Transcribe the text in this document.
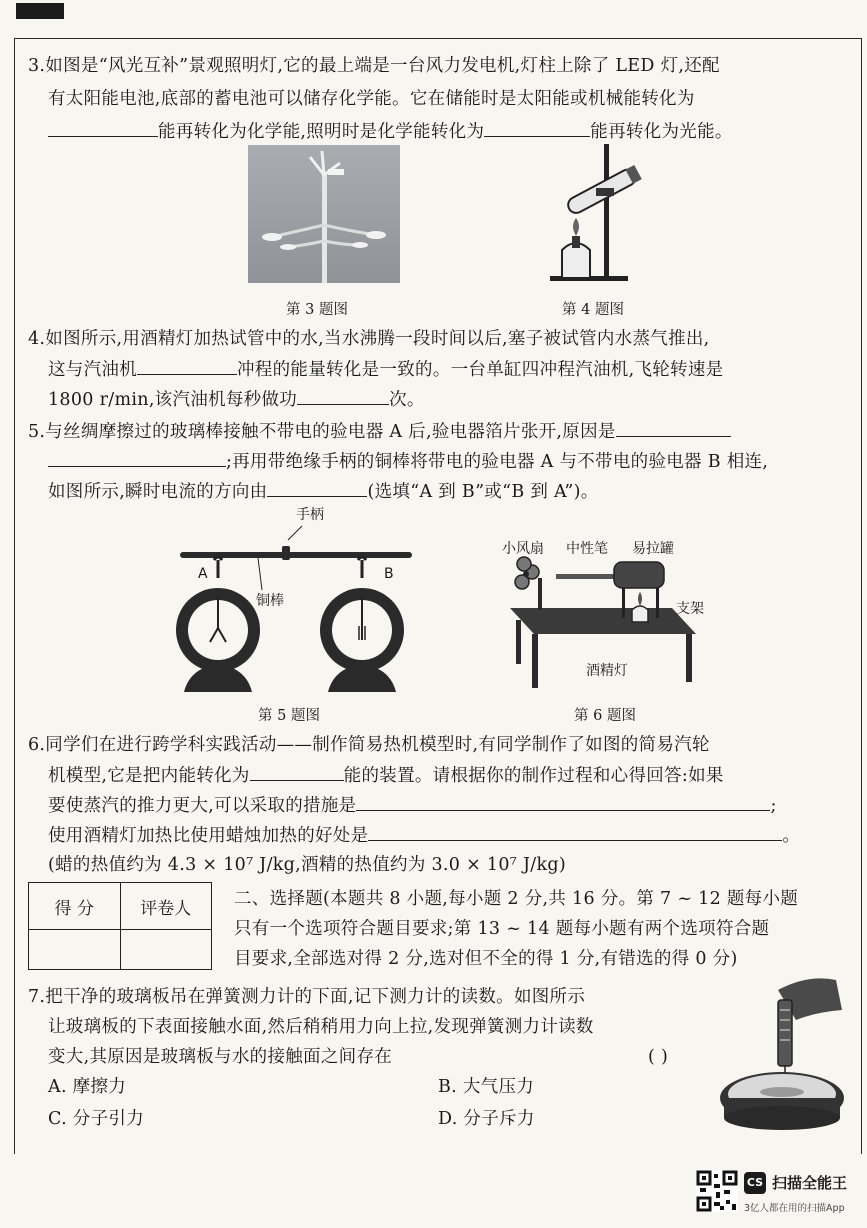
3.如图是“风光互补”景观照明灯,它的最上端是一台风力发电机,灯柱上除了 LED 灯,还配
有太阳能电池,底部的蓄电池可以储存化学能。它在储能时是太阳能或机械能转化为
能再转化为化学能,照明时是化学能转化为	能再转化为光能。
第 3 题图	第 4 题图
4.如图所示,用酒精灯加热试管中的水,当水沸腾一段时间以后,塞子被试管内水蒸气推出,
这与汽油机	冲程的能量转化是一致的。一台单缸四冲程汽油机,飞轮转速是
1800 r/min,该汽油机每秒做功	次。
5.与丝绸摩擦过的玻璃棒接触不带电的验电器 A 后,验电器箔片张开,原因是
;再用带绝缘手柄的铜棒将带电的验电器 A 与不带电的验电器 B 相连,
如图所示,瞬时电流的方向由	(选填“A 到 B”或“B 到 A”)。
手柄
A	B
铜棒
第 5 题图
小风扇 中性笔 易拉罐
支架
酒精灯
第 6 题图
6.同学们在进行跨学科实践活动——制作简易热机模型时,有同学制作了如图的简易汽轮
机模型,它是把内能转化为	能的装置。请根据你的制作过程和心得回答:如果
要使蒸汽的推力更大,可以采取的措施是	;
使用酒精灯加热比使用蜡烛加热的好处是	。
(蜡的热值约为 4.3 × 10⁷ J/kg,酒精的热值约为 3.0 × 10⁷ J/kg)
得 分	评卷人
	二、选择题(本题共 8 小题,每小题 2 分,共 16 分。第 7 ~ 12 题每小题
只有一个选项符合题目要求;第 13 ~ 14 题每小题有两个选项符合题
目要求,全部选对得 2 分,选对但不全的得 1 分,有错选的得 0 分)
7.把干净的玻璃板吊在弹簧测力计的下面,记下测力计的读数。如图所示
让玻璃板的下表面接触水面,然后稍稍用力向上拉,发现弹簧测力计读数
变大,其原因是玻璃板与水的接触面之间存在	( )
A. 摩擦力	B. 大气压力
C. 分子引力	D. 分子斥力
CS 扫描全能王
3亿人都在用的扫描App
